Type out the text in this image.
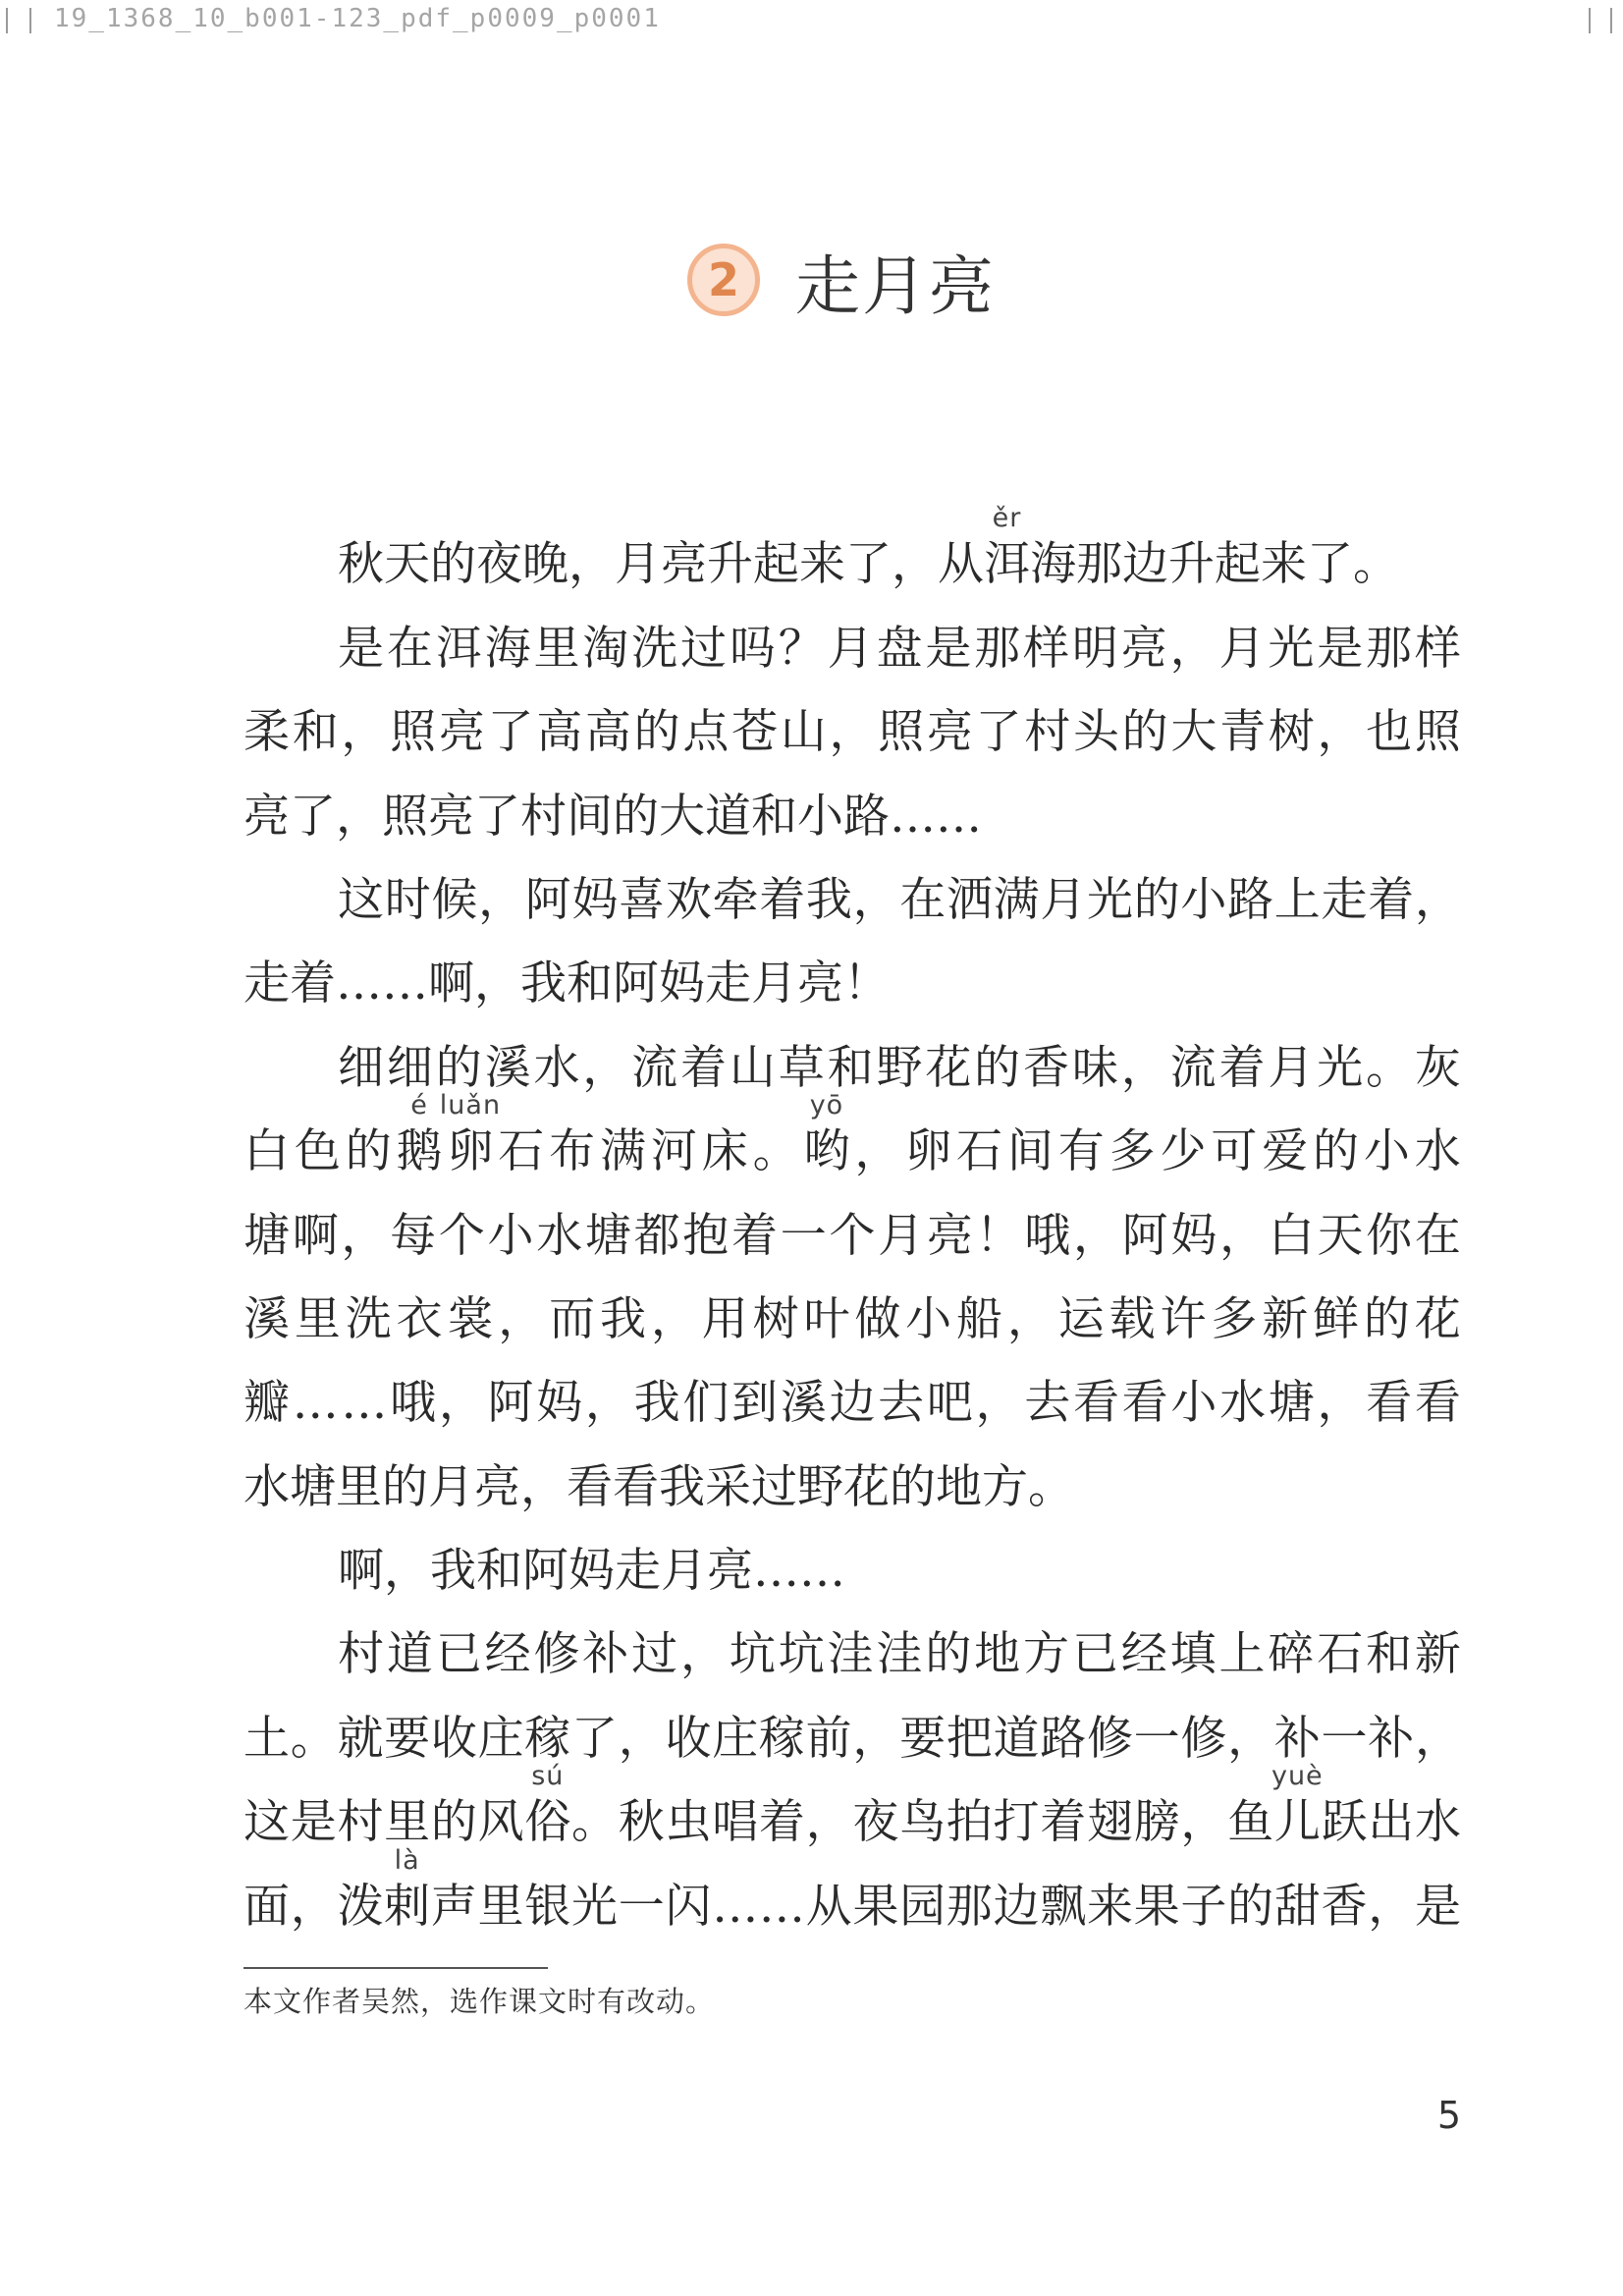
19_1368_10_b001-123_pdf_p0009_p0001
2 走月亮
秋 天 的 夜 晚 ， 月 亮 升 起 来 了 ， 从 洱
ěr
海 那 边 升 起 来 了 。
是 在 洱 海 里 淘 洗 过 吗 ？ 月 盘 是 那 样 明 亮 ， 月 光 是 那 样
柔 和 ， 照 亮 了 高 高 的 点 苍 山 ， 照 亮 了 村 头 的 大 青 树 ， 也 照
亮 了 ， 照 亮 了 村 间 的 大 道 和 小 路 … …
这 时 候 ， 阿 妈 喜 欢 牵 着 我 ， 在 洒 满 月 光 的 小 路 上 走 着 ，
走 着 … … 啊 ， 我 和 阿 妈 走 月 亮 ！
细 细 的 溪 水 ， 流 着 山 草 和 野 花 的 香 味 ， 流 着 月 光 。 灰
白 色 的 鹅
é
卵
luǎn
石 布 满 河 床 。 哟
yō
， 卵 石 间 有 多 少 可 爱 的 小 水
塘 啊 ， 每 个 小 水 塘 都 抱 着 一 个 月 亮 ！ 哦 ， 阿 妈 ， 白 天 你 在
溪 里 洗 衣 裳 ， 而 我 ， 用 树 叶 做 小 船 ， 运 载 许 多 新 鲜 的 花
瓣 … … 哦 ， 阿 妈 ， 我 们 到 溪 边 去 吧 ， 去 看 看 小 水 塘 ， 看 看
水 塘 里 的 月 亮 ， 看 看 我 采 过 野 花 的 地 方 。
啊 ， 我 和 阿 妈 走 月 亮 … …
村 道 已 经 修 补 过 ， 坑 坑 洼 洼 的 地 方 已 经 填 上 碎 石 和 新
土 。 就 要 收 庄 稼 了 ， 收 庄 稼 前 ， 要 把 道 路 修 一 修 ， 补 一 补 ，
这 是 村 里 的 风 俗
sú
。 秋 虫 唱 着 ， 夜 鸟 拍 打 着 翅 膀 ， 鱼 儿
yuè
跃 出 水
面 ， 泼 剌
là
声 里 银 光 一 闪 … … 从 果 园 那 边 飘 来 果 子 的 甜 香 ， 是
本文作者吴然，选作课文时有改动。
5
